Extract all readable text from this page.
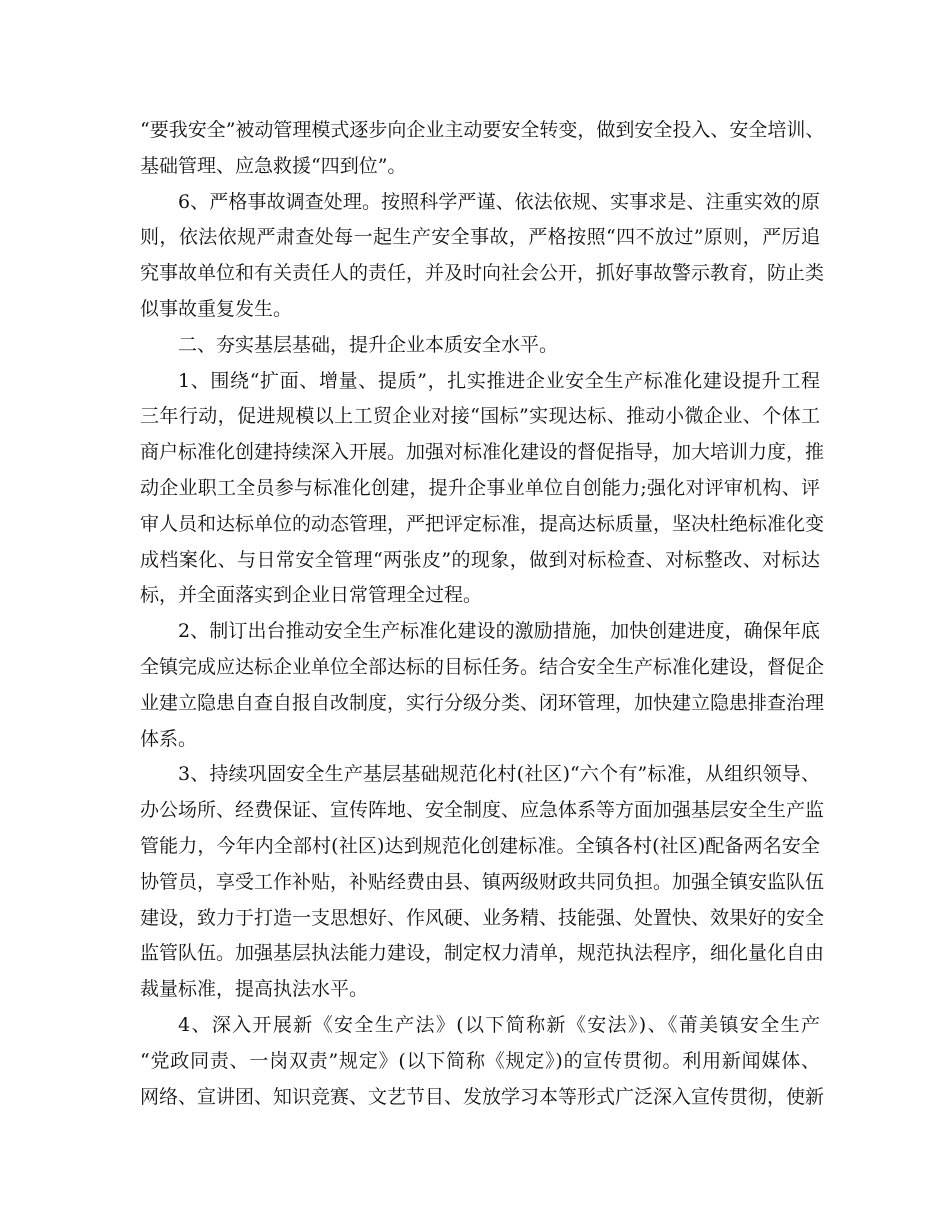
“要我安全”被动管理模式逐步向企业主动要安全转变，做到安全投入、安全培训、
基础管理、应急救援“四到位”。
6、严格事故调查处理。按照科学严谨、依法依规、实事求是、注重实效的原
则，依法依规严肃查处每一起生产安全事故，严格按照“四不放过”原则，严厉追
究事故单位和有关责任人的责任，并及时向社会公开，抓好事故警示教育，防止类
似事故重复发生。
二、夯实基层基础，提升企业本质安全水平。
1、围绕“扩面、增量、提质”，扎实推进企业安全生产标准化建设提升工程
三年行动，促进规模以上工贸企业对接“国标”实现达标、推动小微企业、个体工
商户标准化创建持续深入开展。加强对标准化建设的督促指导，加大培训力度，推
动企业职工全员参与标准化创建，提升企事业单位自创能力;强化对评审机构、评
审人员和达标单位的动态管理，严把评定标准，提高达标质量，坚决杜绝标准化变
成档案化、与日常安全管理“两张皮”的现象，做到对标检查、对标整改、对标达
标，并全面落实到企业日常管理全过程。
2、制订出台推动安全生产标准化建设的激励措施，加快创建进度，确保年底
全镇完成应达标企业单位全部达标的目标任务。结合安全生产标准化建设，督促企
业建立隐患自查自报自改制度，实行分级分类、闭环管理，加快建立隐患排查治理
体系。
3、持续巩固安全生产基层基础规范化村(社区)“六个有”标准，从组织领导、
办公场所、经费保证、宣传阵地、安全制度、应急体系等方面加强基层安全生产监
管能力，今年内全部村(社区)达到规范化创建标准。全镇各村(社区)配备两名安全
协管员，享受工作补贴，补贴经费由县、镇两级财政共同负担。加强全镇安监队伍
建设，致力于打造一支思想好、作风硬、业务精、技能强、处置快、效果好的安全
监管队伍。加强基层执法能力建设，制定权力清单，规范执法程序，细化量化自由
裁量标准，提高执法水平。
4、深入开展新《安全生产法》(以下简称新《安法》)、《莆美镇安全生产
“党政同责、一岗双责”规定》(以下简称《规定》)的宣传贯彻。利用新闻媒体、
网络、宣讲团、知识竞赛、文艺节目、发放学习本等形式广泛深入宣传贯彻，使新
